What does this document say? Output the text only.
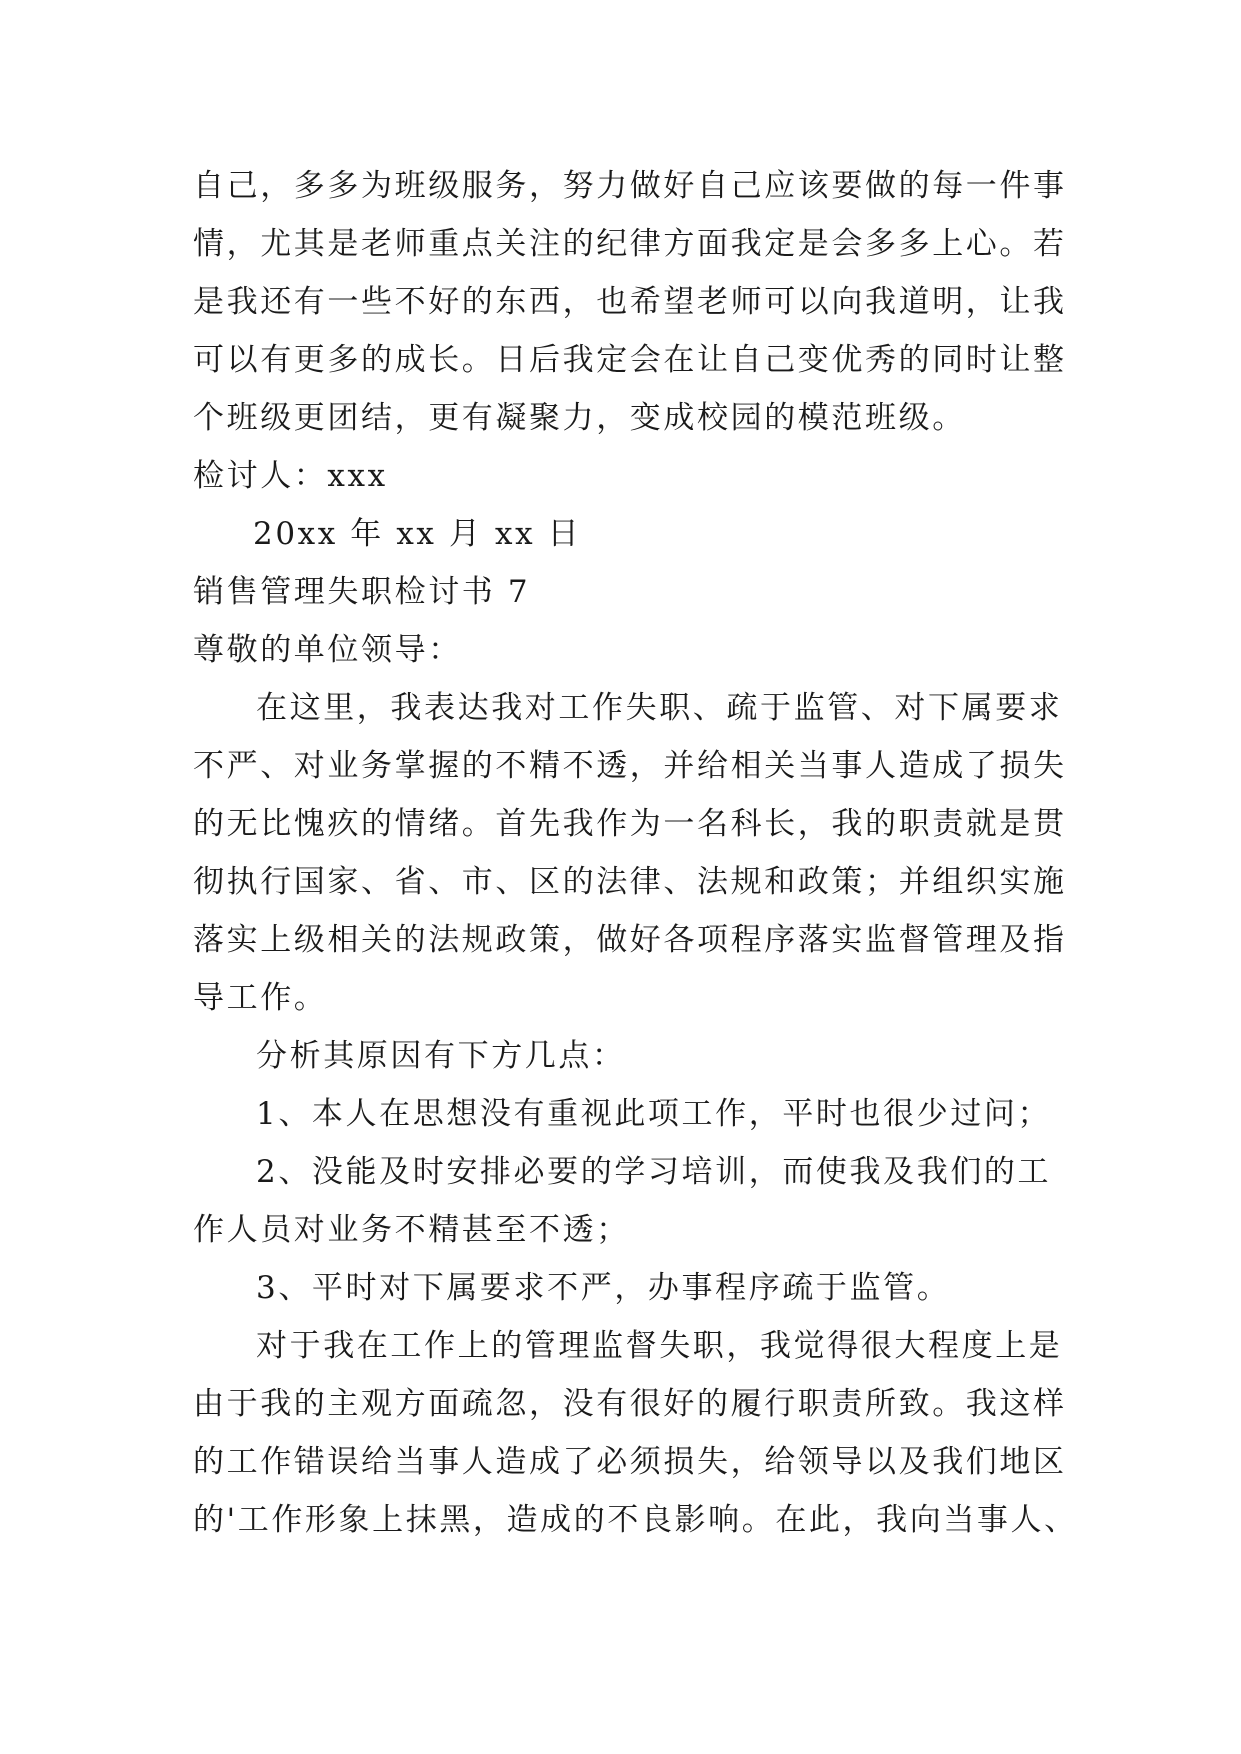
自己，多多为班级服务，努力做好自己应该要做的每一件事
情，尤其是老师重点关注的纪律方面我定是会多多上心。若
是我还有一些不好的东西，也希望老师可以向我道明，让我
可以有更多的成长。日后我定会在让自己变优秀的同时让整
个班级更团结，更有凝聚力，变成校园的模范班级。
检讨人：xxx
20xx 年 xx 月 xx 日
销售管理失职检讨书 7
尊敬的单位领导：
在这里，我表达我对工作失职、疏于监管、对下属要求
不严、对业务掌握的不精不透，并给相关当事人造成了损失
的无比愧疚的情绪。首先我作为一名科长，我的职责就是贯
彻执行国家、省、市、区的法律、法规和政策；并组织实施
落实上级相关的法规政策，做好各项程序落实监督管理及指
导工作。
分析其原因有下方几点：
1、本人在思想没有重视此项工作，平时也很少过问；
2、没能及时安排必要的学习培训，而使我及我们的工
作人员对业务不精甚至不透；
3、平时对下属要求不严，办事程序疏于监管。
对于我在工作上的管理监督失职，我觉得很大程度上是
由于我的主观方面疏忽，没有很好的履行职责所致。我这样
的工作错误给当事人造成了必须损失，给领导以及我们地区
的'工作形象上抹黑，造成的不良影响。在此，我向当事人、
